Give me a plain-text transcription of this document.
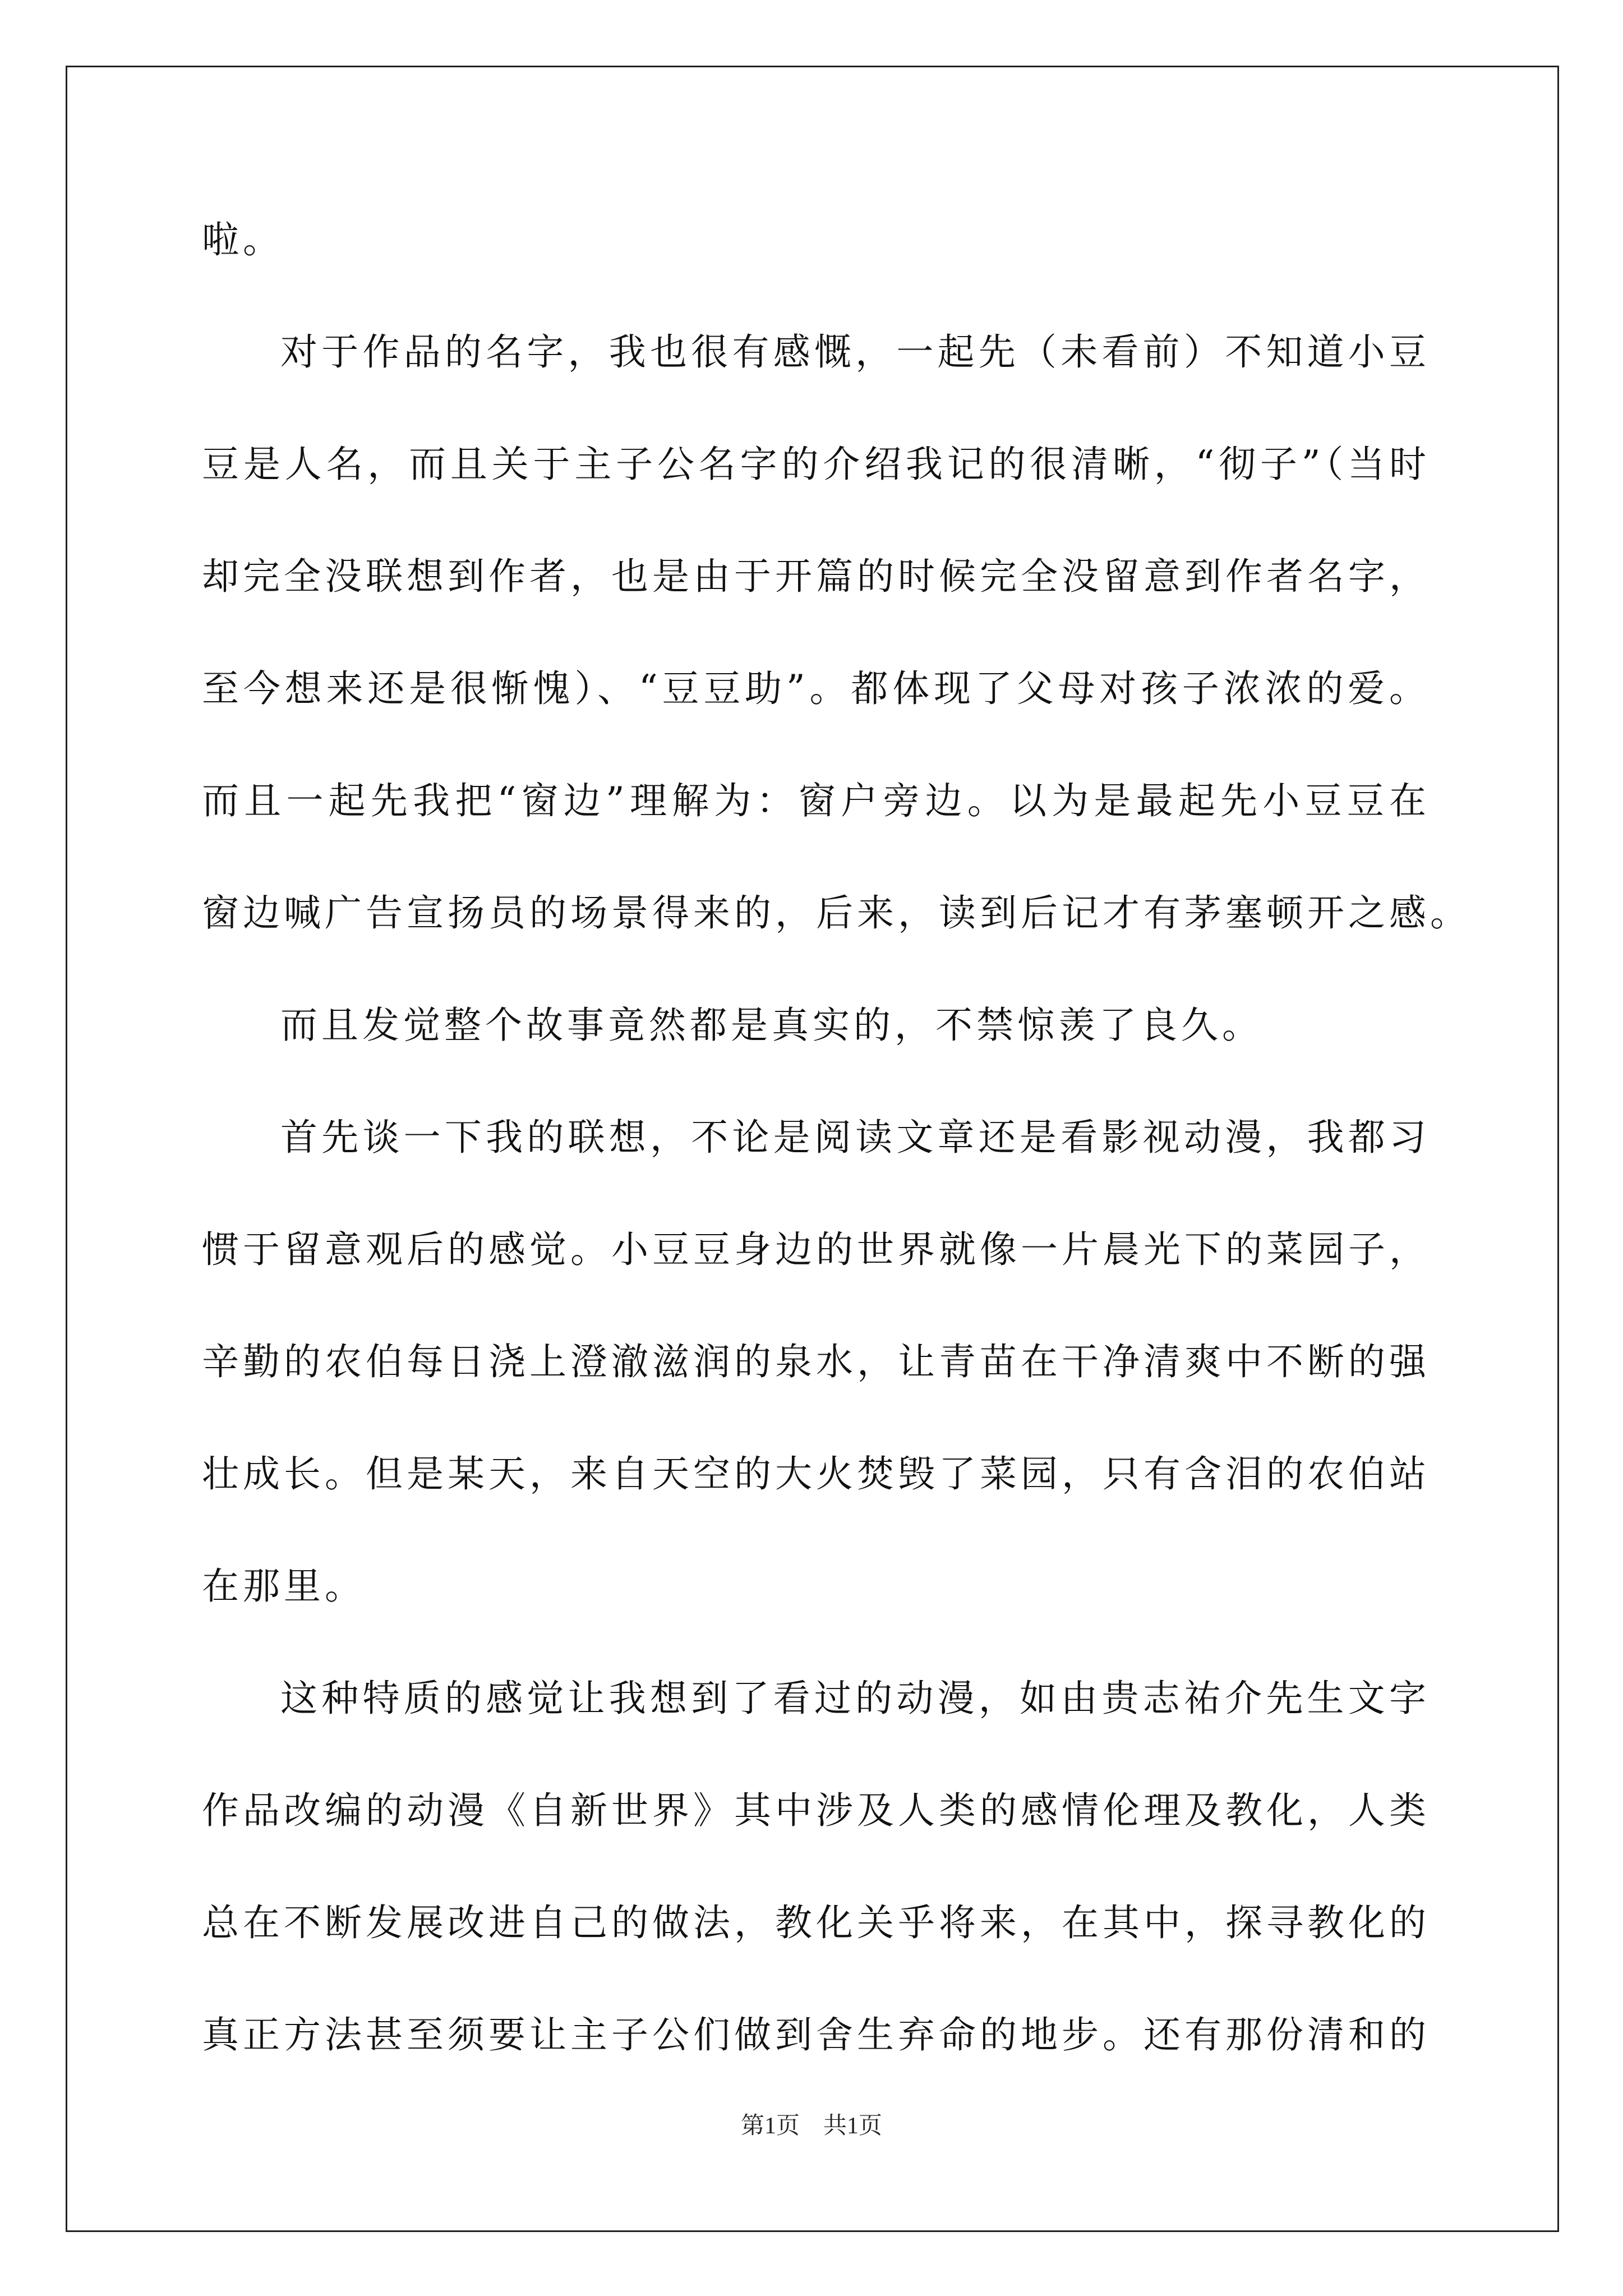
啦。
对于作品的名字，我也很有感慨，一起先（未看前）不知道小豆
豆是人名，而且关于主子公名字的介绍我记的很清晰，“彻子”（当时
却完全没联想到作者，也是由于开篇的时候完全没留意到作者名字，
至今想来还是很惭愧）、“豆豆助”。都体现了父母对孩子浓浓的爱。
而且一起先我把“窗边”理解为：窗户旁边。以为是最起先小豆豆在
窗边喊广告宣扬员的场景得来的，后来，读到后记才有茅塞顿开之感。
而且发觉整个故事竟然都是真实的，不禁惊羡了良久。
首先谈一下我的联想，不论是阅读文章还是看影视动漫，我都习
惯于留意观后的感觉。小豆豆身边的世界就像一片晨光下的菜园子，
辛勤的农伯每日浇上澄澈滋润的泉水，让青苗在干净清爽中不断的强
壮成长。但是某天，来自天空的大火焚毁了菜园，只有含泪的农伯站
在那里。
这种特质的感觉让我想到了看过的动漫，如由贵志祐介先生文字
作品改编的动漫《自新世界》其中涉及人类的感情伦理及教化，人类
总在不断发展改进自己的做法，教化关乎将来，在其中，探寻教化的
真正方法甚至须要让主子公们做到舍生弃命的地步。还有那份清和的
第1页　共1页
